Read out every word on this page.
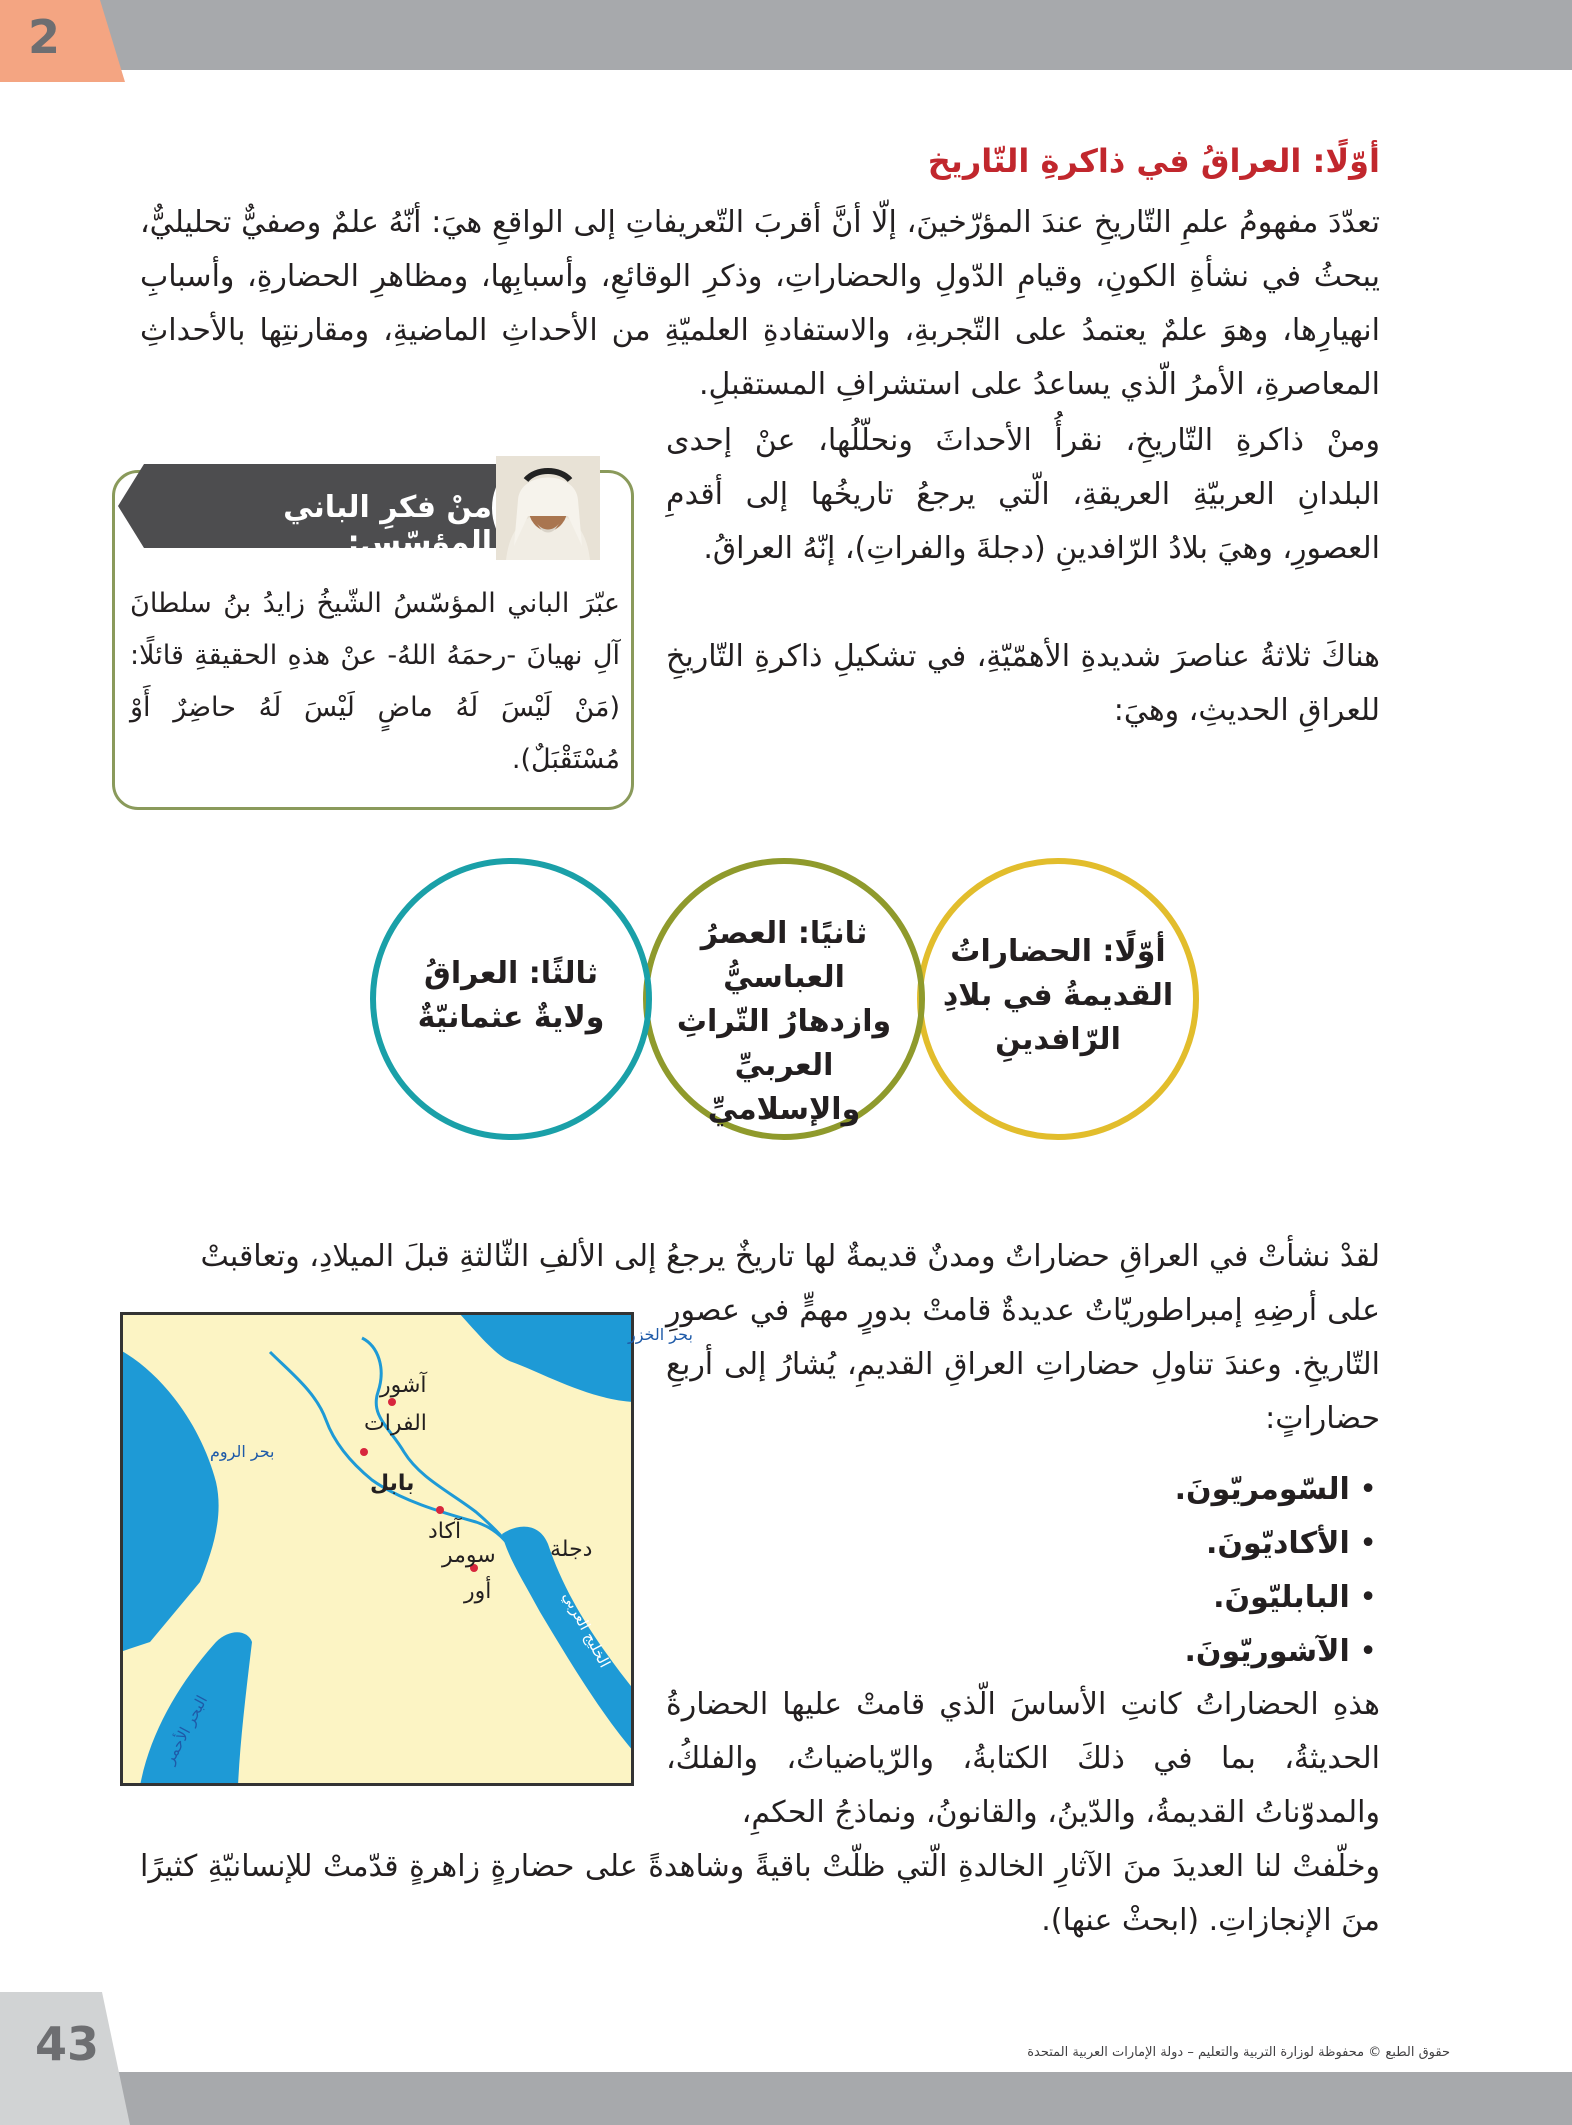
2
أوّلًا: العراقُ في ذاكرةِ التّاريخ

تعدّدَ مفهومُ علمِ التّاريخِ عندَ المؤرّخينَ، إلّا أنَّ أقربَ التّعريفاتِ إلى الواقعِ هيَ: أنّهُ علمٌ وصفيٌّ تحليليٌّ، يبحثُ في نشأةِ الكونِ، وقيامِ الدّولِ والحضاراتِ، وذكرِ الوقائعِ، وأسبابِها، ومظاهرِ الحضارةِ، وأسبابِ انهيارِها، وهوَ علمٌ يعتمدُ على التّجربةِ، والاستفادةِ العلميّةِ من الأحداثِ الماضيةِ، ومقارنتِها بالأحداثِ المعاصرةِ، الأمرُ الّذي يساعدُ على استشرافِ المستقبلِ.

ومنْ ذاكرةِ التّاريخِ، نقرأُ الأحداثَ ونحلّلُها، عنْ إحدى البلدانِ العربيّةِ العريقةِ، الّتي يرجعُ تاريخُها إلى أقدمِ العصورِ، وهيَ بلادُ الرّافدينِ (دجلةَ والفراتِ)، إنّهُ العراقُ.

هناكَ ثلاثةُ عناصرَ شديدةِ الأهمّيّةِ، في تشكيلِ ذاكرةِ التّاريخِ للعراقِ الحديثِ، وهيَ:

منْ فكرِ الباني المؤسّسِ:

عبّرَ الباني المؤسّسُ الشّيخُ زايدُ بنُ سلطانَ آلِ نهيانَ -رحمَهُ اللهُ- عنْ هذهِ الحقيقةِ قائلًا: (مَنْ لَيْسَ لَهُ ماضٍ لَيْسَ لَهُ حاضِرٌ أَوْ مُسْتَقْبَلٌ).

أوّلًا: الحضاراتُ القديمةُ في بلادِ الرّافدينِ

ثانيًا: العصرُ العباسيُّ وازدهارُ التّراثِ العربيِّ والإسلاميِّ

ثالثًا: العراقُ ولايةٌ عثمانيّةٌ

لقدْ نشأتْ في العراقِ حضاراتٌ ومدنٌ قديمةٌ لها تاريخٌ يرجعُ إلى الألفِ الثّالثةِ قبلَ الميلادِ، وتعاقبتْ

على أرضِهِ إمبراطوريّاتٌ عديدةٌ قامتْ بدورٍ مهمٍّ في عصورِ التّاريخِ. وعندَ تناولِ حضاراتِ العراقِ القديمِ، يُشارُ إلى أربعِ حضاراتٍ:

• السّومريّونَ.
• الأكاديّونَ.
• البابليّونَ.
• الآشوريّونَ.

هذهِ الحضاراتُ كانتِ الأساسَ الّذي قامتْ عليها الحضارةُ الحديثةُ، بما في ذلكَ الكتابةُ، والرّياضياتُ، والفلكُ، والمدوّناتُ القديمةُ، والدّينُ، والقانونُ، ونماذجُ الحكمِ،

وخلّفتْ لنا العديدَ منَ الآثارِ الخالدةِ الّتي ظلّتْ باقيةً وشاهدةً على حضارةٍ زاهرةٍ قدّمتْ للإنسانيّةِ كثيرًا منَ الإنجازاتِ. (ابحثْ عنها).

بحر الخزر
بحر الروم
البحر الأحمر
الخليج العربي
آشور
الفرات
بابل
آكاد
دجلة
سومر
أور
43	حقوق الطبع © محفوظة لوزارة التربية والتعليم – دولة الإمارات العربية المتحدة
